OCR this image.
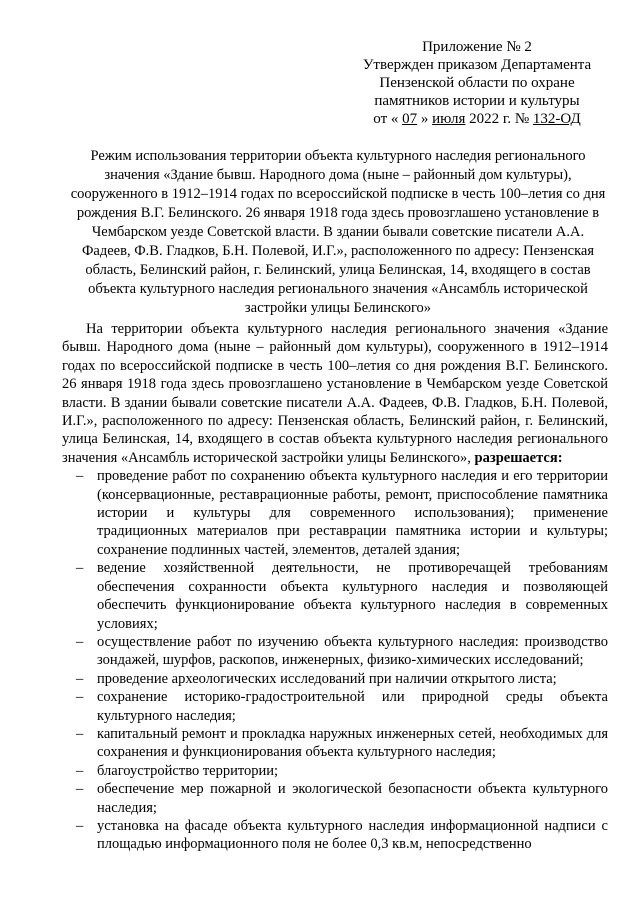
Приложение № 2
Утвержден приказом Департамента
Пензенской области по охране
памятников истории и культуры
от « 07 » июля 2022 г. № 132-ОД
Режим использования территории объекта культурного наследия регионального значения «Здание бывш. Народного дома (ныне – районный дом культуры), сооруженного в 1912–1914 годах по всероссийской подписке в честь 100–летия со дня рождения В.Г. Белинского. 26 января 1918 года здесь провозглашено установление в Чембарском уезде Советской власти. В здании бывали советские писатели А.А. Фадеев, Ф.В. Гладков, Б.Н. Полевой, И.Г.», расположенного по адресу: Пензенская область, Белинский район, г. Белинский, улица Белинская, 14, входящего в состав объекта культурного наследия регионального значения «Ансамбль исторической застройки улицы Белинского»

На территории объекта культурного наследия регионального значения «Здание бывш. Народного дома (ныне – районный дом культуры), сооруженного в 1912–1914 годах по всероссийской подписке в честь 100–летия со дня рождения В.Г. Белинского. 26 января 1918 года здесь провозглашено установление в Чембарском уезде Советской власти. В здании бывали советские писатели А.А. Фадеев, Ф.В. Гладков, Б.Н. Полевой, И.Г.», расположенного по адресу: Пензенская область, Белинский район, г. Белинский, улица Белинская, 14, входящего в состав объекта культурного наследия регионального значения «Ансамбль исторической застройки улицы Белинского», разрешается:

– проведение работ по сохранению объекта культурного наследия и его территории (консервационные, реставрационные работы, ремонт, приспособление памятника истории и культуры для современного использования); применение традиционных материалов при реставрации памятника истории и культуры; сохранение подлинных частей, элементов, деталей здания;
– ведение хозяйственной деятельности, не противоречащей требованиям обеспечения сохранности объекта культурного наследия и позволяющей обеспечить функционирование объекта культурного наследия в современных условиях;
– осуществление работ по изучению объекта культурного наследия: производство зондажей, шурфов, раскопов, инженерных, физико-химических исследований;
– проведение археологических исследований при наличии открытого листа;
– сохранение историко-градостроительной или природной среды объекта культурного наследия;
– капитальный ремонт и прокладка наружных инженерных сетей, необходимых для сохранения и функционирования объекта культурного наследия;
– благоустройство территории;
– обеспечение мер пожарной и экологической безопасности объекта культурного наследия;
– установка на фасаде объекта культурного наследия информационной надписи с площадью информационного поля не более 0,3 кв.м, непосредственно
